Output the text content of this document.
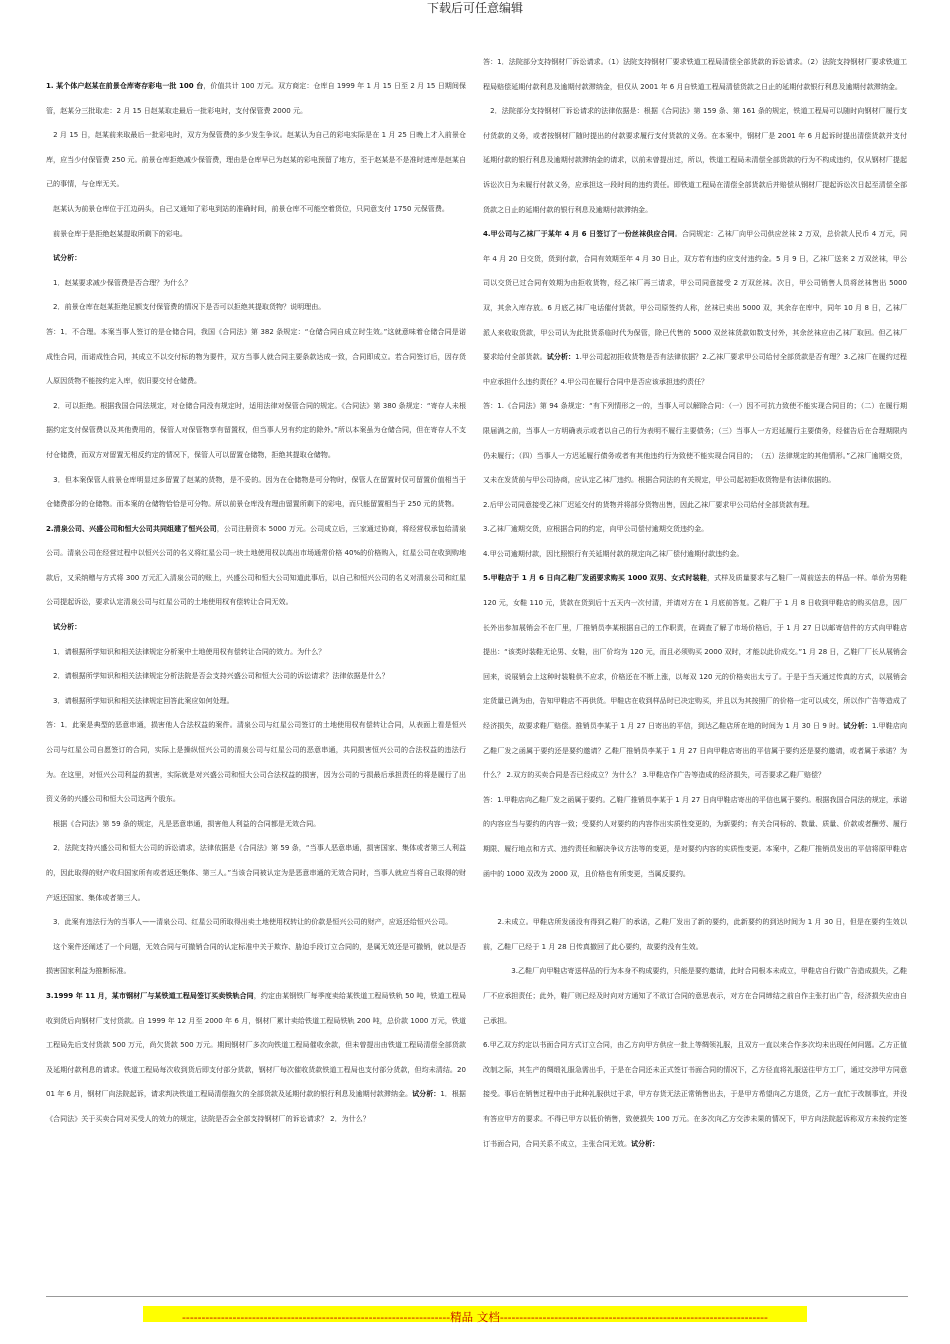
下载后可任意编辑

1. 某个体户赵某在前景仓库寄存彩电一批 100 台，价值共计 100 万元。双方商定：仓库自 1999 年 1 月 15 日至 2 月 15 日期间保管，赵某分三批取走：2 月 15 日赵某取走最后一批彩电时，支付保管费 2000 元。

　2 月 15 日，赵某前来取最后一批彩电时，双方为保管费的多少发生争议。赵某认为自己的彩电实际是在 1 月 25 日晚上才入前景仓库，应当少付保管费 250 元。前景仓库拒绝减少保管费，理由是仓库早已为赵某的彩电预留了地方，至于赵某是不是准时进库是赵某自己的事情，与仓库无关。

　赵某认为前景仓库位于江边码头，自己又通知了彩电到站的准确时间，前景仓库不可能空着货位，只同意支付 1750 元保管费。

　前景仓库于是拒绝赵某提取所剩下的彩电。

　试分析：

　1．赵某要求减少保管费是否合理？为什么？

　2．前景仓库在赵某拒绝足额支付保管费的情况下是否可以拒绝其提取货物？说明理由。

答：1．不合理。本案当事人签订的是仓储合同，我国《合同法》第 382 条规定：“仓储合同自成立时生效。”这就意味着仓储合同是诺成性合同，而诺成性合同，其成立不以交付标的物为要件，双方当事人就合同主要条款达成一致，合同即成立。若合同签订后，因存货人原因货物不能按约定入库，依旧要交付仓储费。

　2．可以拒绝。根据我国合同法规定，对仓储合同没有规定时，适用法律对保管合同的规定。《合同法》第 380 条规定：“寄存人未根据约定支付保管费以及其他费用的，保管人对保管物享有留置权，但当事人另有约定的除外。”所以本案虽为仓储合同，但在寄存人不支付仓储费，而双方对留置无相反约定的情况下，保管人可以留置仓储物，拒绝其提取仓储物。

　3．但本案保管人前景仓库明显过多留置了赵某的货物，是不妥的。因为在仓储物是可分物时，保管人在留置时仅可留置价值相当于仓储费部分的仓储物。而本案的仓储物恰恰是可分物。所以前景仓库没有理由留置所剩下的彩电，而只能留置相当于 250 元的货物。

2.清泉公司、兴盛公司和恒大公司共同组建了恒兴公司，公司注册资本 5000 万元。公司成立后，三家通过协商，将经营权承包给清泉公司。清泉公司在经营过程中以恒兴公司的名义将红星公司一块土地使用权以高出市场通常价格 40%的价格购入，红星公司在收到购地款后，又采纳赠与方式将 300 万元汇入清泉公司的账上，兴盛公司和恒大公司知道此事后，以自己和恒兴公司的名义对清泉公司和红星公司提起诉讼，要求认定清泉公司与红星公司的土地使用权有偿转让合同无效。

　试分析：

　1．请根据所学知识和相关法律规定分析案中土地使用权有偿转让合同的效力。为什么？

　2．请根据所学知识和相关法律规定分析法院是否会支持兴盛公司和恒大公司的诉讼请求？法律依据是什么？

　3．请根据所学知识和相关法律规定回答此案应如何处理。

答：1．此案是典型的恶意串通，损害他人合法权益的案件。清泉公司与红星公司签订的土地使用权有偿转让合同，从表面上看是恒兴公司与红星公司自愿签订的合同，实际上是操纵恒兴公司的清泉公司与红星公司的恶意串通，共同损害恒兴公司的合法权益的违法行为。在这里，对恒兴公司利益的损害，实际就是对兴盛公司和恒大公司合法权益的损害，因为公司的亏损最后承担责任的将是履行了出资义务的兴盛公司和恒大公司这两个股东。

　根据《合同法》第 59 条的规定，凡是恶意串通，损害他人利益的合同都是无效合同。

　2．法院支持兴盛公司和恒大公司的诉讼请求，法律依据是《合同法》第 59 条，“当事人恶意串通，损害国家、集体或者第三人利益的，因此取得的财产收归国家所有或者返还集体、第三人。”当该合同被认定为是恶意串通的无效合同时，当事人就应当将自己取得的财产返还国家、集体或者第三人。

　3．此案有违法行为的当事人——清泉公司、红星公司所取得出卖土地使用权转让的价款是恒兴公司的财产，应返还给恒兴公司。

　这个案件还阐述了一个问题，无效合同与可撤销合同的认定标准中关于欺诈、胁迫手段订立合同的，是属无效还是可撤销，就以是否损害国家利益为推断标准。

3.1999 年 11 月，某市钢材厂与某铁道工程局签订买卖铁轨合同，约定由某钢铁厂每季度卖给某铁道工程局铁轨 50 吨，铁道工程局收到货后向钢材厂支付货款。自 1999 年 12 月至 2000 年 6 月，钢材厂累计卖给铁道工程局铁轨 200 吨，总价款 1000 万元，铁道工程局先后支付货款 500 万元，尚欠货款 500 万元。期间钢材厂多次向铁道工程局催收余款，但未曾提出由铁道工程局清偿全部货款及延期付款利息的请求。铁道工程局每次收到货后即支付部分货款，钢材厂每次催收货款铁道工程局也支付部分货款，但均未清结。2001 年 6 月，钢材厂向法院起诉，请求判决铁道工程局清偿拖欠的全部货款及延期付款的银行利息及逾期付款滞纳金。试分析：1．根据《合同法》关于买卖合同对买受人的效力的规定，法院是否会全部支持钢材厂的诉讼请求？ 2．为什么？

答：1．法院部分支持钢材厂诉讼请求。（1）法院支持钢材厂要求铁道工程局清偿全部货款的诉讼请求。（2）法院支持钢材厂要求铁道工程局赔偿延期付款利息及逾期付款滞纳金，但仅从 2001 年 6 月自铁道工程局清偿货款之日止的延期付款银行利息及逾期付款滞纳金。

　2．法院部分支持钢材厂诉讼请求的法律依据是：根据《合同法》第 159 条、第 161 条的规定，铁道工程局可以随时向钢材厂履行支付货款的义务，或者按钢材厂随时提出的付款要求履行支付货款的义务。在本案中，钢材厂是 2001 年 6 月起诉时提出清偿货款并支付延期付款的银行利息及逾期付款滞纳金的请求，以前未曾提出过，所以，铁道工程局未清偿全部货款的行为不构成违约，仅从钢材厂提起诉讼次日为未履行付款义务，应承担这一段时间的违约责任。即铁道工程局在清偿全部货款后并赔偿从钢材厂提起诉讼次日起至清偿全部货款之日止的延期付款的银行利息及逾期付款滞纳金。

4.甲公司与乙袜厂于某年 4 月 6 日签订了一份丝袜供应合同。合同规定：乙袜厂向甲公司供应丝袜 2 万双，总价款人民币 4 万元，同年 4 月 20 日交货，货到付款，合同有效期至年 4 月 30 日止，双方若有违约应支付违约金。5 月 9 日，乙袜厂送来 2 万双丝袜，甲公司以交货已过合同有效期为由拒收货物，经乙袜厂再三请求，甲公司同意接受 2 万双丝袜。次日，甲公司销售人员将丝袜售出 5000 双，其余入库存放。6 月底乙袜厂电话催付货款，甲公司原签约人称，丝袜已卖出 5000 双，其余存在库中，同年 10 月 8 日，乙袜厂派人来收取货款，甲公司认为此批货系临时代为保管，除已代售的 5000 双丝袜货款如数支付外，其余丝袜应由乙袜厂取回。但乙袜厂要求给付全部货款。试分析：1.甲公司起初拒收货物是否有法律依据？2.乙袜厂要求甲公司给付全部货款是否有理？3.乙袜厂在履约过程中应承担什么违约责任？4.甲公司在履行合同中是否应该承担违约责任？

答：1.《合同法》第 94 条规定：“有下列情形之一的，当事人可以解除合同：（一）因不可抗力致使不能实现合同目的；（二）在履行期限届满之前，当事人一方明确表示或者以自己的行为表明不履行主要债务；（三）当事人一方迟延履行主要债务，经催告后在合理期限内仍未履行；（四）当事人一方迟延履行债务或者有其他违约行为致使不能实现合同目的；　（五）法律规定的其他情形。”乙袜厂逾期交货，又未在发货前与甲公司协商，应认定乙袜厂违约。根据合同法的有关规定，甲公司起初拒收货物是有法律依据的。

2.后甲公司同意接受乙袜厂迟延交付的货物并将部分货物出售，因此乙袜厂要求甲公司给付全部货款有理。

3.乙袜厂逾期交货，应根据合同的约定，向甲公司偿付逾期交货违约金。

4.甲公司逾期付款，因比照银行有关延期付款的规定向乙袜厂偿付逾期付款违约金。

5.甲鞋店于 1 月 6 日向乙鞋厂发函要求购买 1000 双男、女式时装鞋，式样及质量要求与乙鞋厂一周前送去的样品一样。单价为男鞋 120 元，女鞋 110 元，货款在货到后十五天内一次付清，并请对方在 1 月底前答复。乙鞋厂于 1 月 8 日收到甲鞋店的购买信息，因厂长外出参加展销会不在厂里，厂推销员李某根据自己的工作职责，在调查了解了市场价格后，于 1 月 27 日以邮寄信件的方式向甲鞋店提出：“该类时装鞋无论男、女鞋，出厂价均为 120 元，而且必须购买 2000 双时，才能以此价成交。”1 月 28 日，乙鞋厂厂长从展销会回来，说展销会上这种时装鞋供不应求，价格还在不断上涨，以每双 120 元的价格卖出太亏了。于是于当天通过传真的方式，以展销会定货量已满为由，告知甲鞋店不再供货。甲鞋店在收到样品时已决定购买，并且以为其按照厂的价格一定可以成交，所以作广告等造成了经济损失，故要求鞋厂赔偿。推销员李某于 1 月 27 日寄出的平信，到达乙鞋店所在地的时间为 1 月 30 日 9 时。试分析：1.甲鞋店向乙鞋厂发之函属于要约还是要约邀请？乙鞋厂推销员李某于 1 月 27 日向甲鞋店寄出的平信属于要约还是要约邀请，或者属于承诺？为什么？ 2.双方的买卖合同是否已经成立？为什么？ 3.甲鞋店作广告等造成的经济损失，可否要求乙鞋厂赔偿？

答：1.甲鞋店向乙鞋厂发之函属于要约。乙鞋厂推销员李某于 1 月 27 日向甲鞋店寄出的平信也属于要约。根据我国合同法的规定，承诺的内容应当与要约的内容一致；受要约人对要约的内容作出实质性变更的，为新要约；有关合同标的、数量、质量、价款或者酬劳、履行期限、履行地点和方式、违约责任和解决争议方法等的变更，是对要约内容的实质性变更。本案中，乙鞋厂推销员发出的平信将原甲鞋店函中的 1000 双改为 2000 双，且价格也有所变更，当属反要约。

　　2.未成立。甲鞋店所发函没有得到乙鞋厂的承诺，乙鞋厂发出了新的要约，此新要约的到达时间为 1 月 30 日，但是在要约生效以前，乙鞋厂已经于 1 月 28 日传真撤回了此心要约，故要约没有生效。

　　　　3.乙鞋厂向甲鞋店寄送样品的行为本身不构成要约，只能是要约邀请，此时合同根本未成立，甲鞋店自行做广告造成损失，乙鞋厂不应承担责任；此外，鞋厂则已经及时向对方通知了不欲订合同的意思表示，对方在合同缔结之前自作主张打出广告，经济损失应由自己承担。

6.甲乙双方约定以书面合同方式订立合同，由乙方向甲方供应一批上等绸领礼服，且双方一直以来合作多次均未出现任何问题。乙方正值改制之际，其生产的绸缎礼服急需出手，于是在合同还未正式签订书面合同的情况下，乙方径直将礼服送往甲方工厂，通过交涉甲方同意接受。事后在销售过程中由于此种礼服供过于求，甲方存货无法正常销售出去，于是甲方希望向乙方退货，乙方一直忙于改制事宜，并没有答应甲方的要求。不得已甲方以低价销售，致使损失 100 万元。在多次向乙方交涉未果的情况下，甲方向法院起诉称双方未按约定签订书面合同，合同关系不成立，主张合同无效。试分析：

---------------------------------------------------------------------精品 文档---------------------------------------------------------------------
